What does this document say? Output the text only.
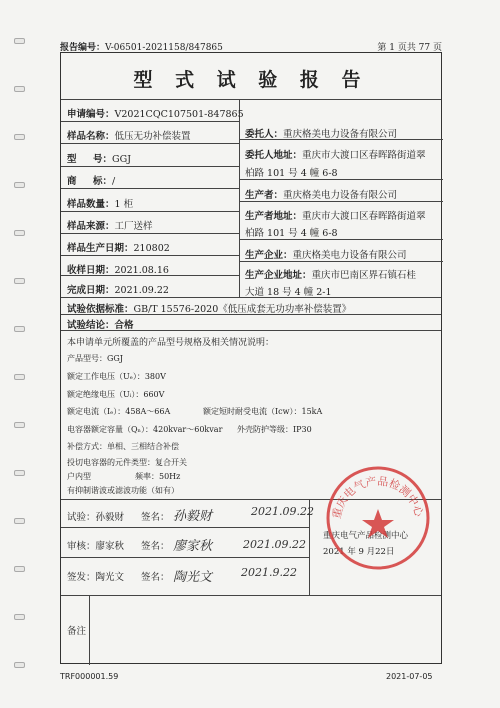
报告编号：V-06501-2021158/847865	第 1 页共 77 页
型 式 试 验 报 告
申请编号：V2021CQC107501-847865
样品名称：低压无功补偿装置
型     号：GGJ
商     标：/
样品数量：1 柜
样品来源：工厂送样
样品生产日期：210802
收样日期：2021.08.16
完成日期：2021.09.22
委托人：重庆格美电力设备有限公司
委托人地址：重庆市大渡口区春晖路街道翠
柏路 101 号 4 幢 6-8
生产者：重庆格美电力设备有限公司
生产者地址：重庆市大渡口区春晖路街道翠
柏路 101 号 4 幢 6-8
生产企业：重庆格美电力设备有限公司
生产企业地址：重庆市巴南区界石镇石桂
大道 18 号 4 幢 2-1
试验依据标准：GB/T 15576-2020《低压成套无功功率补偿装置》
试验结论：合格
本申请单元所覆盖的产品型号规格及相关情况说明：
产品型号：GGJ
额定工作电压（Uₑ）：380V
额定绝缘电压（Uᵢ）：660V
额定电流（Iₑ）：458A～66A	额定短时耐受电流（Icw）：15kA
电容器额定容量（Qₙ）：420kvar～60kvar 外壳防护等级：IP30
补偿方式：单相、三相结合补偿
投切电容器的元件类型：复合开关
户内型	频率：50Hz
有抑制谐波或滤波功能（如有）
试验：孙毅财 签名： 孙毅财	2021.09.22
审核：廖家秋 签名： 廖家秋	2021.09.22
签发：陶光文 签名： 陶光文	2021.9.22
重庆电气产品检测中心
2021 年 9 月22日
重庆电气产品检测中心
备注
TRF000001.59	2021-07-05
